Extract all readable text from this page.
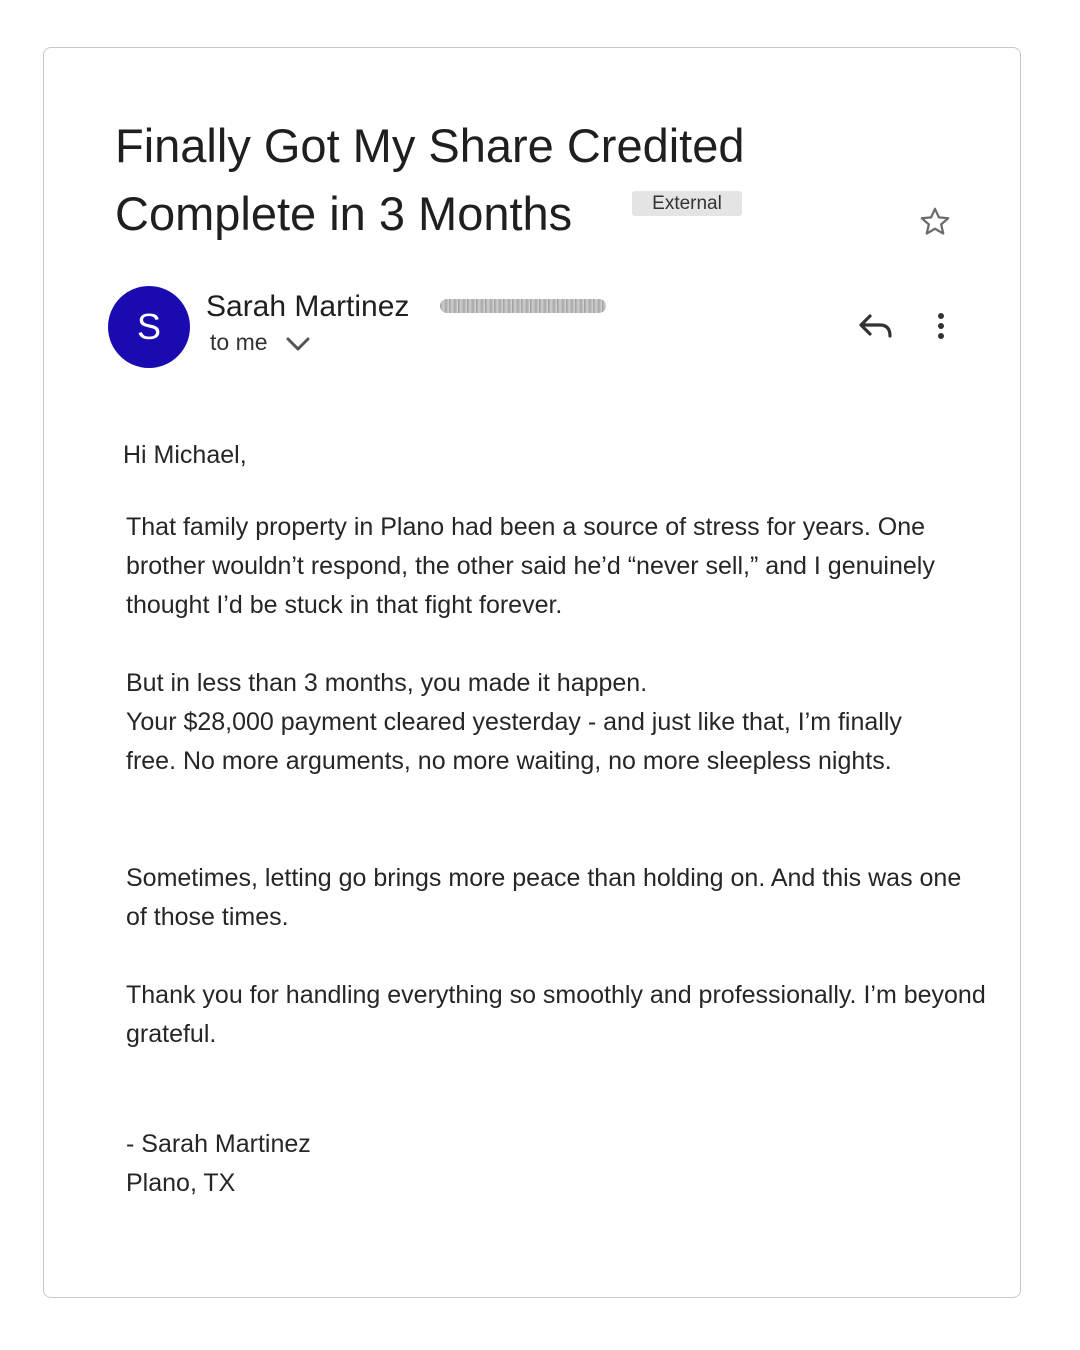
Finally Got My Share Credited Complete in 3 Months	External
S	Sarah Martinez
to me

Hi Michael,

That family property in Plano had been a source of stress for years. One brother wouldn’t respond, the other said he’d “never sell,” and I genuinely thought I’d be stuck in that fight forever.

But in less than 3 months, you made it happen.

Your $28,000 payment cleared yesterday - and just like that, I’m finally free. No more arguments, no more waiting, no more sleepless nights.

Sometimes, letting go brings more peace than holding on. And this was one of those times.

Thank you for handling everything so smoothly and professionally. I’m beyond grateful.

- Sarah Martinez

Plano, TX
